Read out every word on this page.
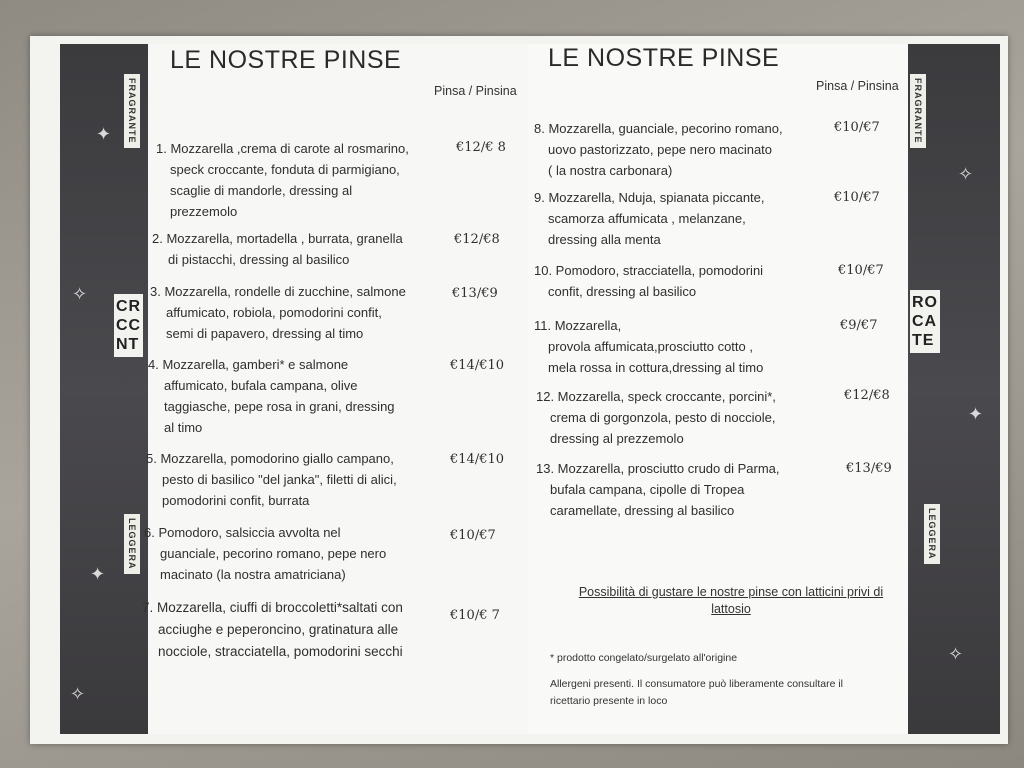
FRAGRANTE
LEGGERA
CR
CC
NT
✦
✧
✦
✧
FRAGRANTE
LEGGERA
RO
CA
TE
✧
✦
✧
LE NOSTRE PINSE
Pinsa / Pinsina
1. Mozzarella ,crema di carote al rosmarino,
speck croccante, fonduta di parmigiano,
scaglie di mandorle, dressing al
prezzemolo
€12/€ 8
2. Mozzarella, mortadella , burrata, granella
di pistacchi, dressing al basilico
€12/€8
3. Mozzarella, rondelle di zucchine, salmone
affumicato, robiola, pomodorini confit,
semi di papavero, dressing al timo
€13/€9
4. Mozzarella, gamberi* e salmone
affumicato, bufala campana, olive
taggiasche, pepe rosa in grani, dressing
al timo
€14/€10
5. Mozzarella, pomodorino giallo campano,
pesto di basilico "del janka", filetti di alici,
pomodorini confit, burrata
€14/€10
6. Pomodoro, salsiccia avvolta nel
guanciale, pecorino romano, pepe nero
macinato (la nostra amatriciana)
€10/€7
7. Mozzarella, ciuffi di broccoletti*saltati con
acciughe e peperoncino, gratinatura alle
nocciole, stracciatella, pomodorini secchi
€10/€ 7
LE NOSTRE PINSE
Pinsa / Pinsina
8. Mozzarella, guanciale, pecorino romano,
uovo pastorizzato, pepe nero macinato
( la nostra carbonara)
€10/€7
9. Mozzarella, Nduja, spianata piccante,
scamorza affumicata , melanzane,
dressing alla menta
€10/€7
10. Pomodoro, stracciatella, pomodorini
confit, dressing al basilico
€10/€7
11. Mozzarella,
provola affumicata,prosciutto cotto ,
mela rossa in cottura,dressing al timo
€9/€7
12. Mozzarella, speck croccante, porcini*,
crema di gorgonzola, pesto di nocciole,
dressing al prezzemolo
€12/€8
13. Mozzarella, prosciutto crudo di Parma,
bufala campana, cipolle di Tropea
caramellate, dressing al basilico
€13/€9
Possibilità di gustare le nostre pinse con latticini privi di
lattosio
* prodotto congelato/surgelato all'origine
Allergeni presenti. Il consumatore può liberamente consultare il
ricettario presente in loco
